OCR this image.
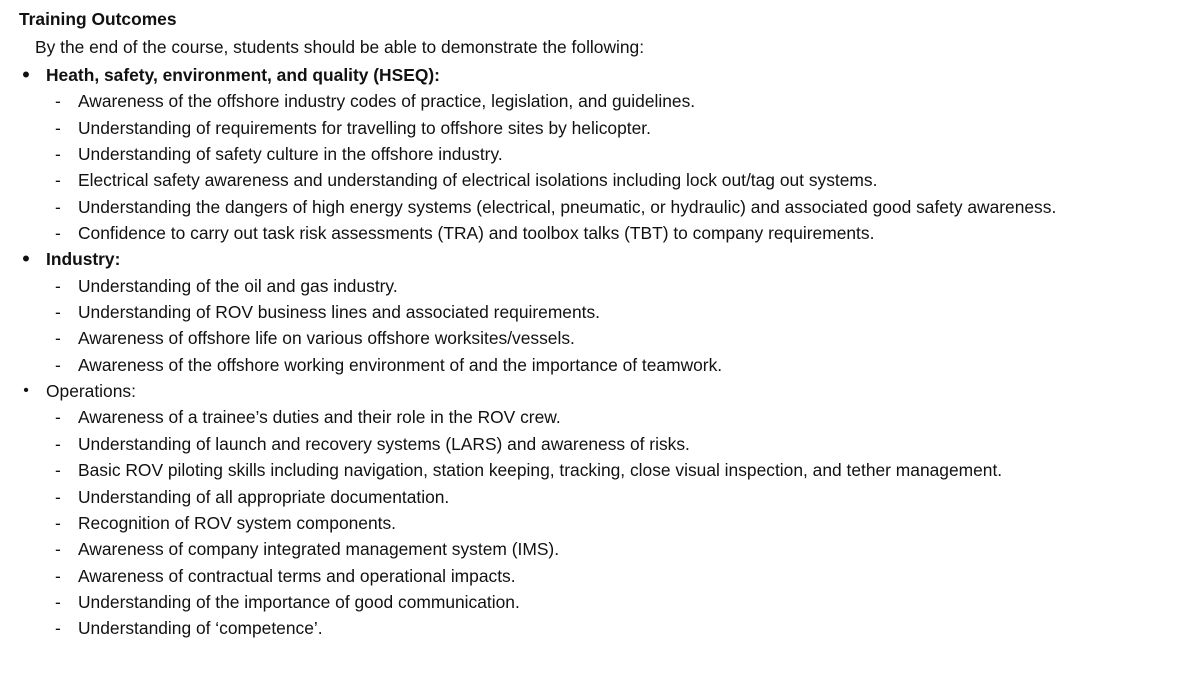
Training Outcomes
By the end of the course, students should be able to demonstrate the following:
• Heath, safety, environment, and quality (HSEQ):
- Awareness of the offshore industry codes of practice, legislation, and guidelines.
- Understanding of requirements for travelling to offshore sites by helicopter.
- Understanding of safety culture in the offshore industry.
- Electrical safety awareness and understanding of electrical isolations including lock out/tag out systems.
- Understanding the dangers of high energy systems (electrical, pneumatic, or hydraulic) and associated good safety awareness.
- Confidence to carry out task risk assessments (TRA) and toolbox talks (TBT) to company requirements.
• Industry:
- Understanding of the oil and gas industry.
- Understanding of ROV business lines and associated requirements.
- Awareness of offshore life on various offshore worksites/vessels.
- Awareness of the offshore working environment of and the importance of teamwork.
• Operations:
- Awareness of a trainee’s duties and their role in the ROV crew.
- Understanding of launch and recovery systems (LARS) and awareness of risks.
- Basic ROV piloting skills including navigation, station keeping, tracking, close visual inspection, and tether management.
- Understanding of all appropriate documentation.
- Recognition of ROV system components.
- Awareness of company integrated management system (IMS).
- Awareness of contractual terms and operational impacts.
- Understanding of the importance of good communication.
- Understanding of ‘competence’.
